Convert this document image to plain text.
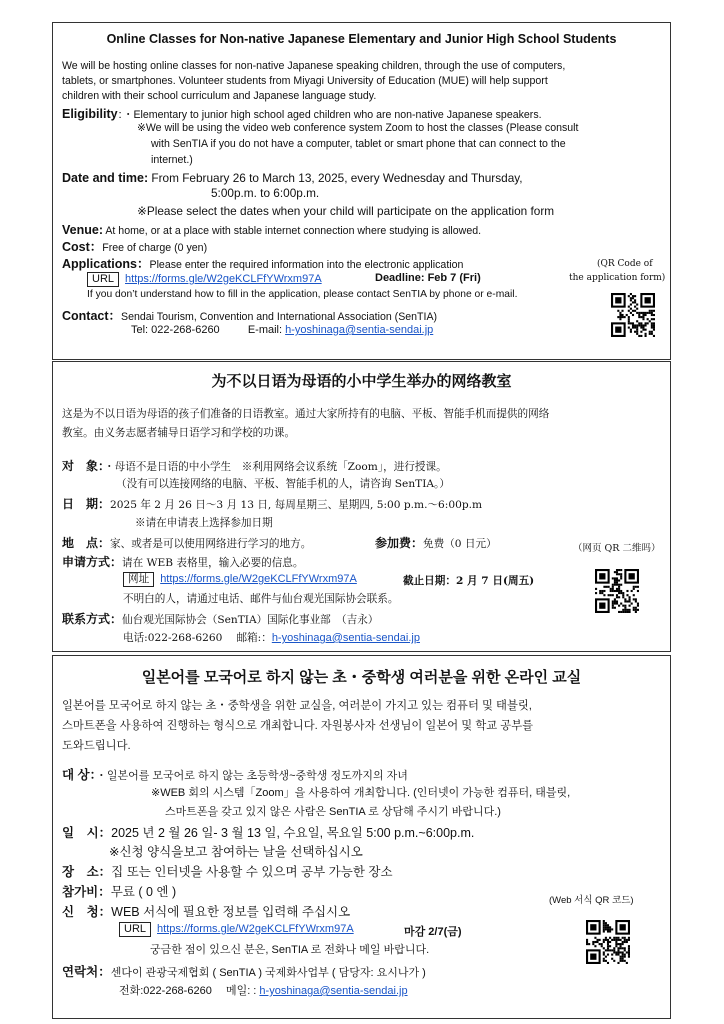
Online Classes for Non-native Japanese Elementary and Junior High School Students
We will be hosting online classes for non-native Japanese speaking children, through the use of computers,
tablets, or smartphones. Volunteer students from Miyagi University of Education (MUE) will help support
children with their school curriculum and Japanese language study.
Eligibility：・Elementary to junior high school aged children who are non-native Japanese speakers.
※We will be using the video web conference system Zoom to host the classes (Please consult
with SenTIA if you do not have a computer, tablet or smart phone that can connect to the
internet.)
Date and time: From February 26 to March 13, 2025, every Wednesday and Thursday,
5:00p.m. to 6:00p.m.
※Please select the dates when your child will participate on the application form
Venue: At home, or at a place with stable internet connection where studying is allowed.
Cost：Free of charge (0 yen)
Applications：Please enter the required information into the electronic application
URL https://forms.gle/W2geKCLFfYWrxm97A	Deadline: Feb 7 (Fri)
If you don’t understand how to fill in the application, please contact SenTIA by phone or e-mail.
Contact：Sendai Tourism, Convention and International Association (SenTIA)
Tel: 022-268-6260	E-mail: h-yoshinaga@sentia-sendai.jp
(QR Code of
the application form)
为不以日语为母语的小中学生举办的网络教室
这是为不以日语为母语的孩子们准备的日语教室。通过大家所持有的电脑、平板、智能手机而提供的网络
教室。由义务志愿者辅导日语学习和学校的功课。
对　象：・母语不是日语的中小学生　※利用网络会议系统「Zoom」，进行授课。
（没有可以连接网络的电脑、平板、智能手机的人，请咨询 SenTIA。）
日　期：2025 年 2 月 26 日～3 月 13 日, 每周星期三、星期四, 5:00 p.m.～6:00p.m
※请在申请表上选择参加日期
地　点：家、或者是可以使用网络进行学习的地方。	参加费：免费（0 日元）	（网页 QR 二维吗）
申请方式：请在 WEB 表格里，输入必要的信息。
网址 https://forms.gle/W2geKCLFfYWrxm97A	截止日期：2 月 7 日(周五)
不明白的人，请通过电话、邮件与仙台观光国际协会联系。
联系方式：仙台观光国际协会（SenTIA）国际化事业部　（吉永）
电话:022-268-6260 邮箱:：h-yoshinaga@sentia-sendai.jp
일본어를 모국어로 하지 않는 초・중학생 여러분을 위한 온라인 교실
일본어를 모국어로 하지 않는 초・중학생을 위한 교실을, 여러분이 가지고 있는 컴퓨터 및 태블릿,
스마트폰을 사용하여 진행하는 형식으로 개최합니다. 자원봉사자 선생님이 일본어 및 학교 공부를
도와드립니다.
대 상：・일본어를 모국어로 하지 않는 초등학생~중학생 정도까지의 자녀
※WEB 회의 시스템「Zoom」을 사용하여 개최합니다. (인터넷이 가능한 컴퓨터, 태블릿,
스마트폰을 갖고 있지 않은 사람은 SenTIA 로 상담해 주시기 바랍니다.)
일　시：2025 년 2 월 26 일- 3 월 13 일, 수요일, 목요일 5:00 p.m.~6:00p.m.
※신청 양식을보고 참여하는 날을 선택하십시오
장　소：집 또는 인터넷을 사용할 수 있으며 공부 가능한 장소
참가비：무료 ( 0 엔 )
신　청：WEB 서식에 필요한 정보를 입력해 주십시오
(Web 서식 QR 코드)
URL https://forms.gle/W2geKCLFfYWrxm97A	마감 2/7(금)
궁금한 점이 있으신 분은, SenTIA 로 전화나 메일 바랍니다.
연락처：센다이 관광국제협회 ( SenTIA ) 국제화사업부 ( 담당자: 요시나가 )
전화:022-268-6260 메일: : h-yoshinaga@sentia-sendai.jp
